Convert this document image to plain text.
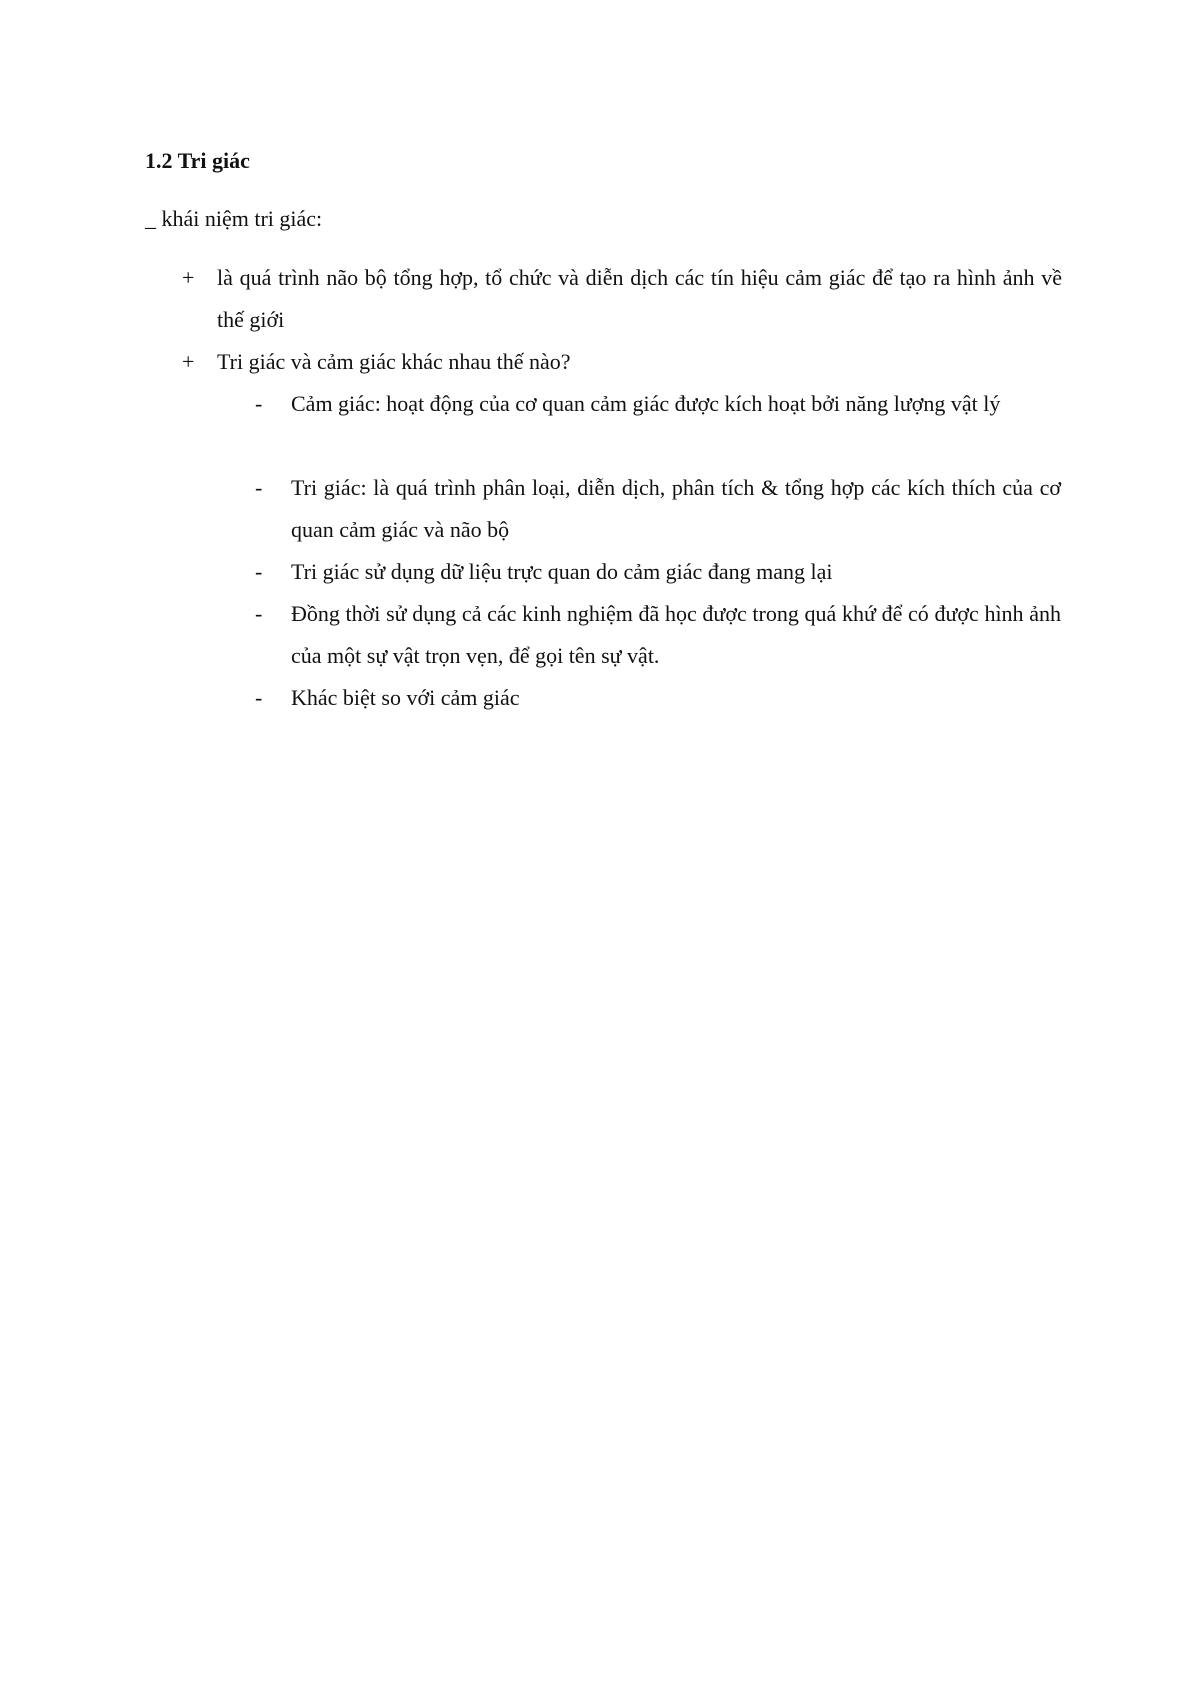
1.2 Tri giác
_ khái niệm tri giác:
+	là quá trình não bộ tổng hợp, tổ chức và diễn dịch các tín hiệu cảm giác để tạo ra hình ảnh về thế giới
+	Tri giác và cảm giác khác nhau thế nào?
-	Cảm giác: hoạt động của cơ quan cảm giác được kích hoạt bởi năng lượng vật lý
-	Tri giác: là quá trình phân loại, diễn dịch, phân tích & tổng hợp các kích thích của cơ quan cảm giác và não bộ
-	Tri giác sử dụng dữ liệu trực quan do cảm giác đang mang lại
-	Đồng thời sử dụng cả các kinh nghiệm đã học được trong quá khứ để có được hình ảnh của một sự vật trọn vẹn, để gọi tên sự vật.
-	Khác biệt so với cảm giác
